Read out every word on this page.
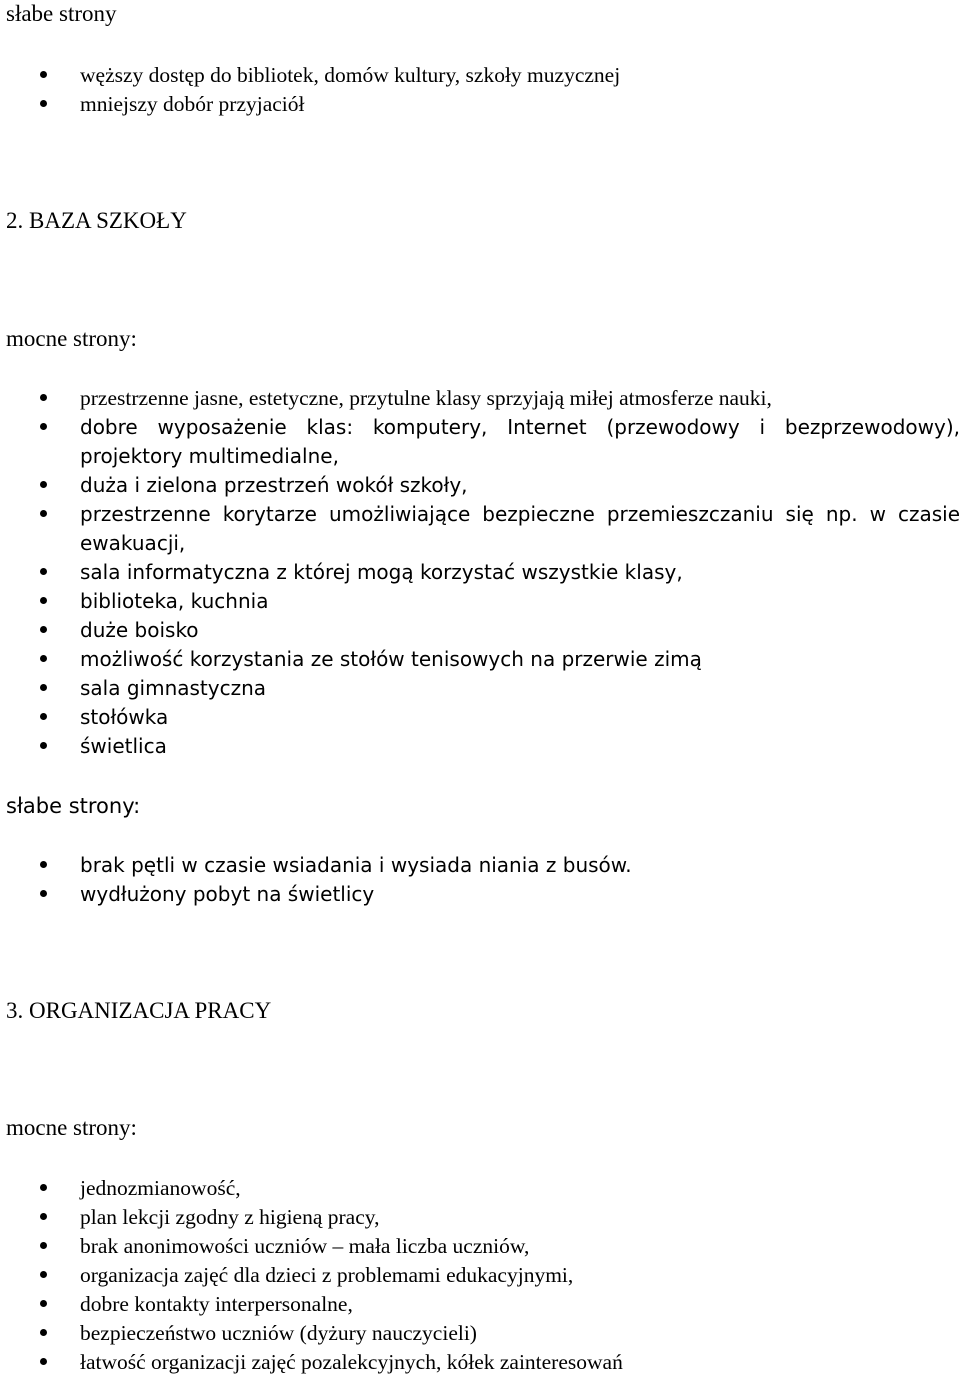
słabe strony
węższy dostęp do bibliotek, domów kultury, szkoły muzycznej
mniejszy dobór przyjaciół
2. BAZA SZKOŁY
mocne strony:
przestrzenne jasne, estetyczne, przytulne klasy sprzyjają miłej atmosferze nauki,
dobre wyposażenie klas: komputery, Internet (przewodowy i bezprzewodowy),
projektory multimedialne,
duża i zielona przestrzeń wokół szkoły,
przestrzenne korytarze umożliwiające bezpieczne przemieszczaniu się np. w czasie
ewakuacji,
sala informatyczna z której mogą korzystać wszystkie klasy,
biblioteka, kuchnia
duże boisko
możliwość korzystania ze stołów tenisowych na przerwie zimą
sala gimnastyczna
stołówka
świetlica
słabe strony:
brak pętli w czasie wsiadania i wysiada niania z busów.
wydłużony pobyt na świetlicy
3. ORGANIZACJA PRACY
mocne strony:
jednozmianowość,
plan lekcji zgodny z higieną pracy,
brak anonimowości uczniów – mała liczba uczniów,
organizacja zajęć dla dzieci z problemami edukacyjnymi,
dobre kontakty interpersonalne,
bezpieczeństwo uczniów (dyżury nauczycieli)
łatwość organizacji zajęć pozalekcyjnych, kółek zainteresowań
